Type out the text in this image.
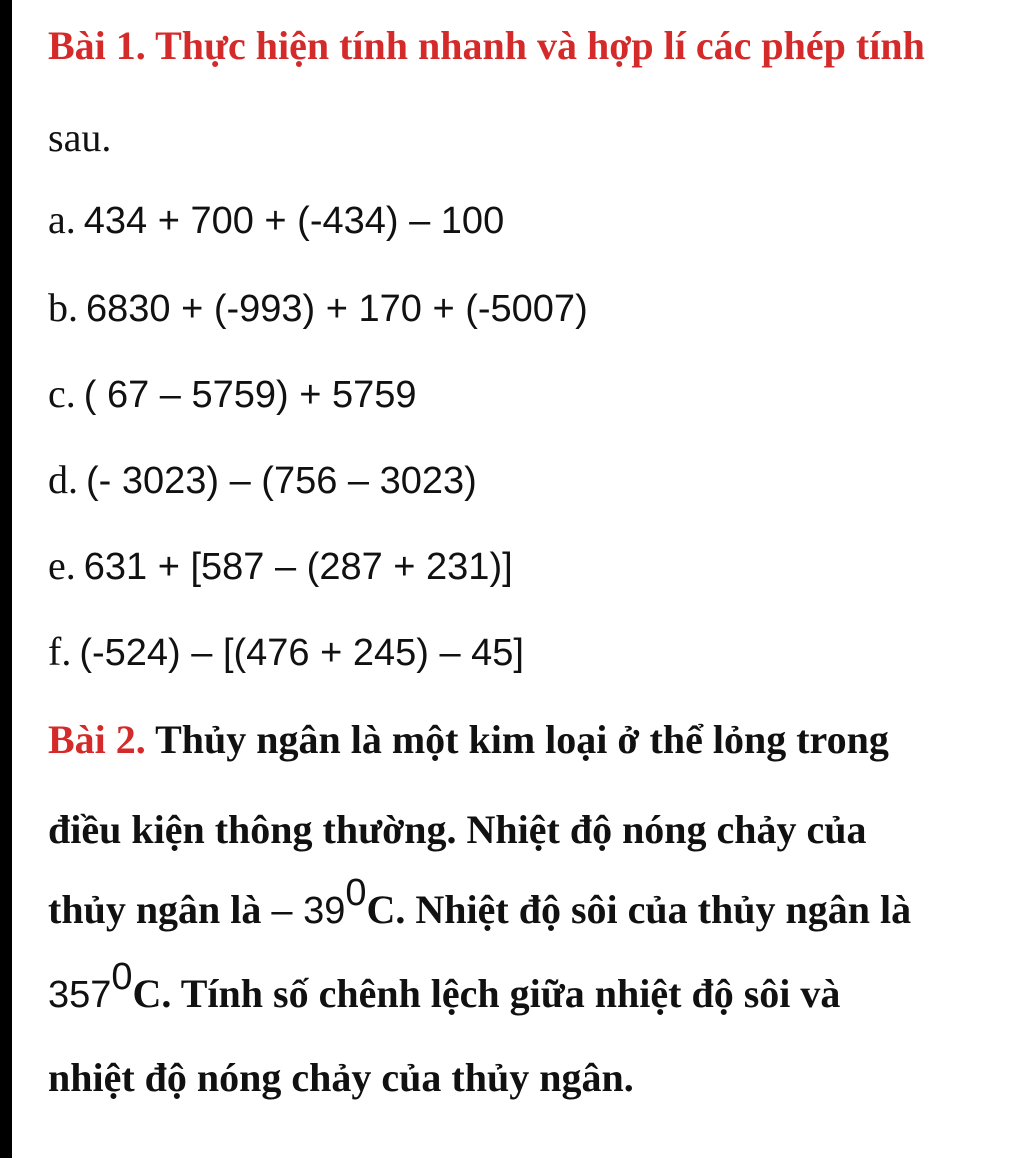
Bài 1. Thực hiện tính nhanh và hợp lí các phép tính
sau.
a. 434 + 700 + (-434) – 100
b. 6830 + (-993) + 170 + (-5007)
c. ( 67 – 5759) + 5759
d. (- 3023) – (756 – 3023)
e. 631 + [587 – (287 + 231)]
f. (-524) – [(476 + 245) – 45]
Bài 2. Thủy ngân là một kim loại ở thể lỏng trong
điều kiện thông thường. Nhiệt độ nóng chảy của
thủy ngân là – $39^0C$. Nhiệt độ sôi của thủy ngân là
$357^0C$. Tính số chênh lệch giữa nhiệt độ sôi và
nhiệt độ nóng chảy của thủy ngân.
